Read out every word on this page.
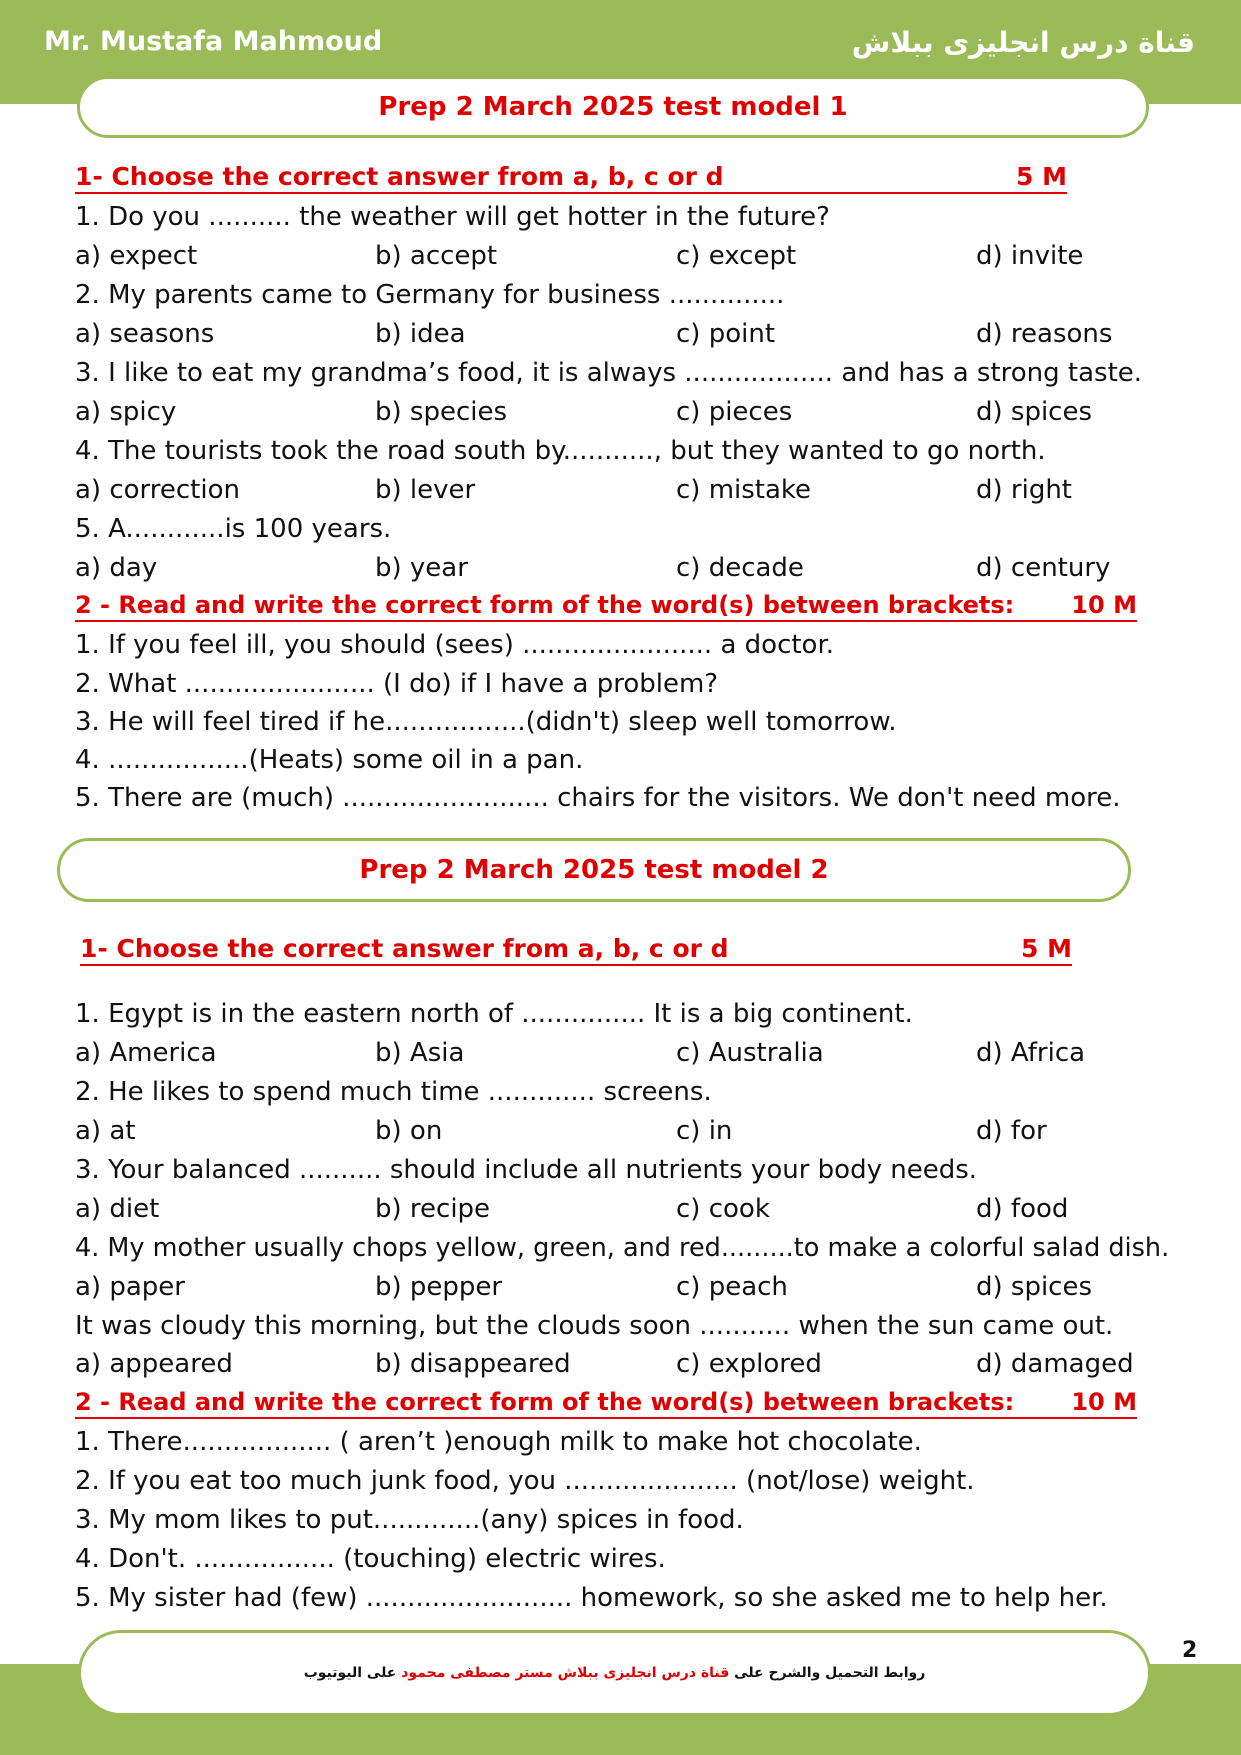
Mr. Mustafa Mahmoud	قناة درس انجليزى ببلاش
Prep 2 March 2025 test model 1
1- Choose the correct answer from a, b, c or d	5 M
1. Do you .......... the weather will get hotter in the future?
a) expect	b) accept	c) except	d) invite
2. My parents came to Germany for business ..............
a) seasons	b) idea	c) point	d) reasons
3. I like to eat my grandma’s food, it is always .................. and has a strong taste.
a) spicy	b) species	c) pieces	d) spices
4. The tourists took the road south by..........., but they wanted to go north.
a) correction	b) lever	c) mistake	d) right
5. A............is 100 years.
a) day	b) year	c) decade	d) century
2 - Read and write the correct form of the word(s) between brackets: 10 M
1. If you feel ill, you should (sees) ....................... a doctor.
2. What ....................... (I do) if I have a problem?
3. He will feel tired if he.................(didn't) sleep well tomorrow.
4. .................(Heats) some oil in a pan.
5. There are (much) ......................... chairs for the visitors. We don't need more.
Prep 2 March 2025 test model 2
1- Choose the correct answer from a, b, c or d	5 M
1. Egypt is in the eastern north of ............... It is a big continent.
a) America	b) Asia	c) Australia	d) Africa
2. He likes to spend much time ............. screens.
a) at	b) on	c) in	d) for
3. Your balanced .......... should include all nutrients your body needs.
a) diet	b) recipe	c) cook	d) food
4. My mother usually chops yellow, green, and red.........to make a colorful salad dish.
a) paper	b) pepper	c) peach	d) spices
It was cloudy this morning, but the clouds soon ........... when the sun came out.
a) appeared	b) disappeared	c) explored	d) damaged
2 - Read and write the correct form of the word(s) between brackets: 10 M
1. There.................. ( aren’t )enough milk to make hot chocolate.
2. If you eat too much junk food, you ..................... (not/lose) weight.
3. My mom likes to put.............(any) spices in food.
4. Don't. ................. (touching) electric wires.
5. My sister had (few) ......................... homework, so she asked me to help her.
روابط التحميل والشرح على قناة درس انجليزى ببلاش مستر مصطفى محمود على اليوتيوب
2
